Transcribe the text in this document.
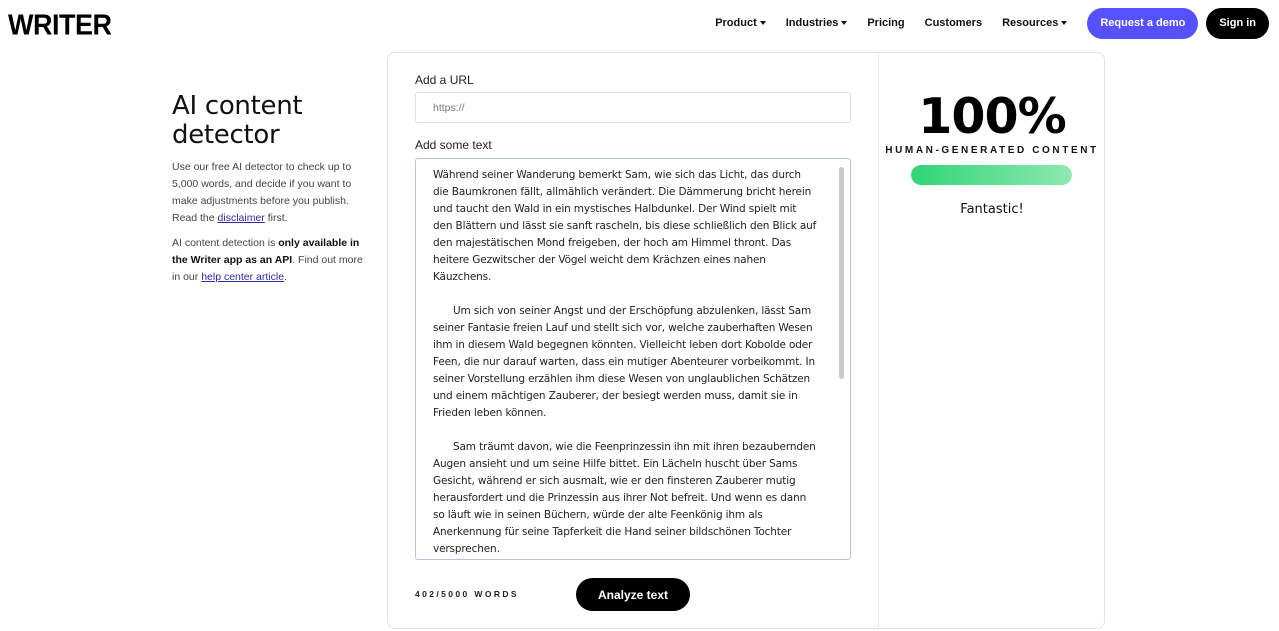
WRITER	Product	Industries	Pricing Customers Resources	Request a demo	Sign in
AI content detector

Use our free AI detector to check up to 5,000 words, and decide if you want to make adjustments before you publish. Read the disclaimer first.

AI content detection is only available in the Writer app as an API. Find out more in our help center article.

Add a URL
https://
Add some text
Während seiner Wanderung bemerkt Sam, wie sich das Licht, das durch die Baumkronen fällt, allmählich verändert. Die Dämmerung bricht herein und taucht den Wald in ein mystisches Halbdunkel. Der Wind spielt mit den Blättern und lässt sie sanft rascheln, bis diese schließlich den Blick auf den majestätischen Mond freigeben, der hoch am Himmel thront. Das heitere Gezwitscher der Vögel weicht dem Krächzen eines nahen Käuzchens.
Um sich von seiner Angst und der Erschöpfung abzulenken, lässt Sam seiner Fantasie freien Lauf und stellt sich vor, welche zauberhaften Wesen ihm in diesem Wald begegnen könnten. Vielleicht leben dort Kobolde oder Feen, die nur darauf warten, dass ein mutiger Abenteurer vorbeikommt. In seiner Vorstellung erzählen ihm diese Wesen von unglaublichen Schätzen und einem mächtigen Zauberer, der besiegt werden muss, damit sie in Frieden leben können.
Sam träumt davon, wie die Feenprinzessin ihn mit ihren bezaubernden Augen ansieht und um seine Hilfe bittet. Ein Lächeln huscht über Sams Gesicht, während er sich ausmalt, wie er den finsteren Zauberer mutig herausfordert und die Prinzessin aus ihrer Not befreit. Und wenn es dann so läuft wie in seinen Büchern, würde der alte Feenkönig ihm als Anerkennung für seine Tapferkeit die Hand seiner bildschönen Tochter versprechen.
402/5000 WORDS	Analyze text
100%
HUMAN-GENERATED CONTENT
Fantastic!
